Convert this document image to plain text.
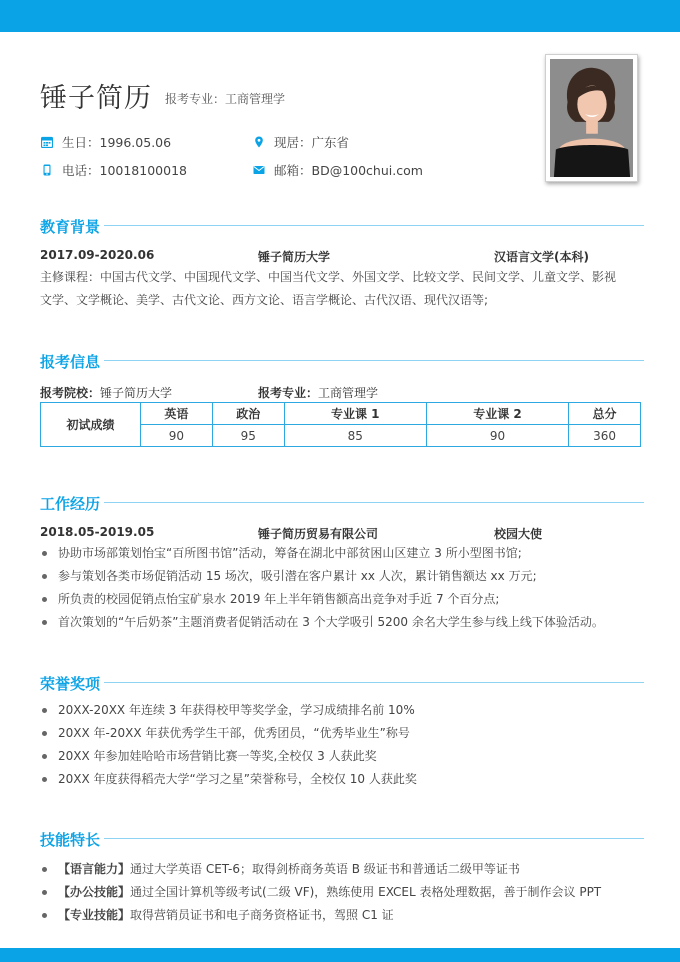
锤子简历 报考专业：工商管理学
生日：1996.05.06	现居：广东省
电话：10018100018	邮箱：BD@100chui.com
教育背景
2017.09-2020.06	锤子简历大学	汉语言文学(本科)
主修课程：中国古代文学、中国现代文学、中国当代文学、外国文学、比较文学、民间文学、儿童文学、影视
文学、文学概论、美学、古代文论、西方文论、语言学概论、古代汉语、现代汉语等;
报考信息
报考院校：锤子简历大学	报考专业：工商管理学
初试成绩	英语	政治	专业课 1	专业课 2	总分
	90	95	85	90	360
工作经历
2018.05-2019.05	锤子简历贸易有限公司	校园大使
协助市场部策划怡宝“百所图书馆”活动，筹备在湖北中部贫困山区建立 3 所小型图书馆;
参与策划各类市场促销活动 15 场次，吸引潜在客户累计 xx 人次，累计销售额达 xx 万元;
所负责的校园促销点怡宝矿泉水 2019 年上半年销售额高出竞争对手近 7 个百分点;
首次策划的“午后奶茶”主题消费者促销活动在 3 个大学吸引 5200 余名大学生参与线上线下体验活动。
荣誉奖项
20XX-20XX 年连续 3 年获得校甲等奖学金，学习成绩排名前 10%
20XX 年-20XX 年获优秀学生干部，优秀团员，“优秀毕业生”称号
20XX 年参加娃哈哈市场营销比赛一等奖,全校仅 3 人获此奖
20XX 年度获得稻壳大学“学习之星”荣誉称号，全校仅 10 人获此奖
技能特长
【语言能力】通过大学英语 CET-6；取得剑桥商务英语 B 级证书和普通话二级甲等证书
【办公技能】通过全国计算机等级考试(二级 VF)，熟练使用 EXCEL 表格处理数据，善于制作会议 PPT
【专业技能】取得营销员证书和电子商务资格证书，驾照 C1 证
